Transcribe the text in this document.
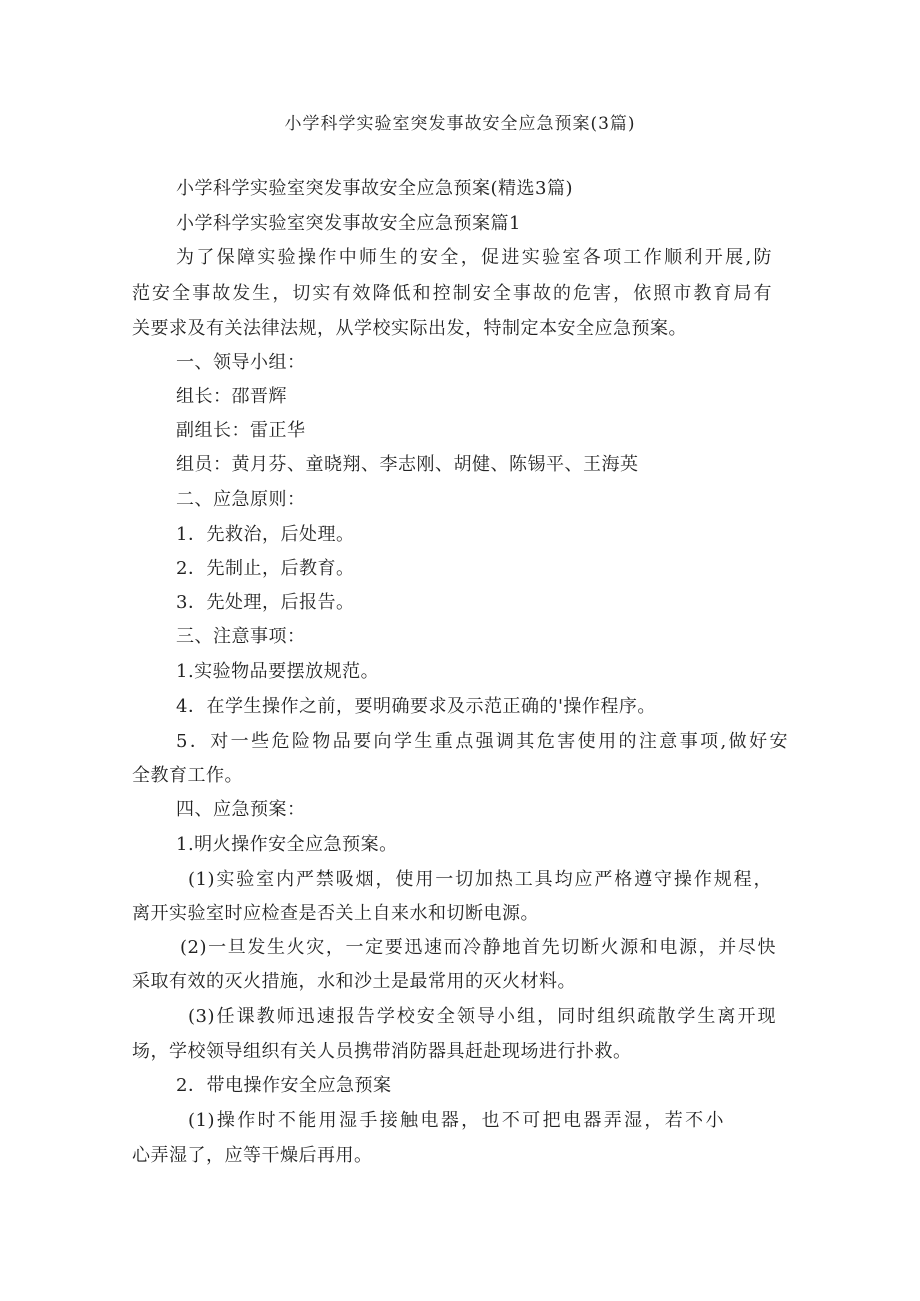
小学科学实验室突发事故安全应急预案(3篇)
小学科学实验室突发事故安全应急预案(精选3篇)
小学科学实验室突发事故安全应急预案篇1
为了保障实验操作中师生的安全，促进实验室各项工作顺利开展,防
范安全事故发生，切实有效降低和控制安全事故的危害，依照市教育局有
关要求及有关法律法规，从学校实际出发，特制定本安全应急预案。
一、领导小组：
组长：邵晋辉
副组长：雷正华
组员：黄月芬、童晓翔、李志刚、胡健、陈锡平、王海英
二、应急原则：
1．先救治，后处理。
2．先制止，后教育。
3．先处理，后报告。
三、注意事项：
1.实验物品要摆放规范。
4．在学生操作之前，要明确要求及示范正确的'操作程序。
5．对一些危险物品要向学生重点强调其危害使用的注意事项,做好安
全教育工作。
四、应急预案：
1.明火操作安全应急预案。
(1)实验室内严禁吸烟，使用一切加热工具均应严格遵守操作规程，
离开实验室时应检查是否关上自来水和切断电源。
(2)一旦发生火灾，一定要迅速而冷静地首先切断火源和电源，并尽快
采取有效的灭火措施，水和沙土是最常用的灭火材料。
(3)任课教师迅速报告学校安全领导小组，同时组织疏散学生离开现
场，学校领导组织有关人员携带消防器具赶赴现场进行扑救。
2．带电操作安全应急预案
(1)操作时不能用湿手接触电器，也不可把电器弄湿，若不小
心弄湿了，应等干燥后再用。
